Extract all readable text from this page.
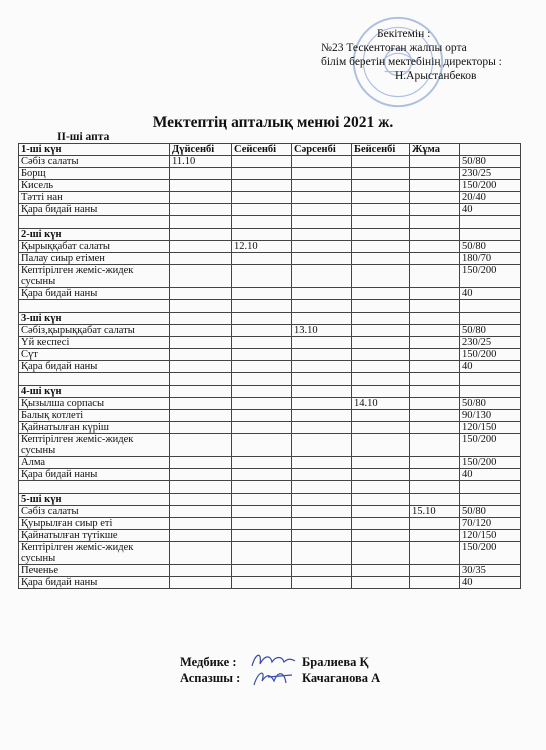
Бекітемін :
№23 Тескентоған жалпы орта
білім беретін мектебінің директоры :
Н.Арыстанбеков
Мектептің апталық менюі 2021 ж.
ІІ-ші апта
1-ші күн	Дүйсенбі	Сейсенбі	Сәрсенбі	Бейсенбі	Жұма	
Сәбіз салаты	11.10					50/80
Борщ						230/25
Кисель						150/200
Тәтті нан						20/40
Қара бидай наны						40

2-ші күн						
Қырыққабат салаты		12.10				50/80
Палау сиыр етімен						180/70
Кептірілген жеміс-жидек сусыны						150/200
Қара бидай наны						40

3-ші күн						
Сәбіз,қырыққабат салаты			13.10			50/80
Үй кеспесі						230/25
Сүт						150/200
Қара бидай наны						40

4-ші күн						
Қызылша сорпасы				14.10		50/80
Балық котлеті						90/130
Қайнатылған күріш						120/150
Кептірілген жеміс-жидек сусыны						150/200
Алма						150/200
Қара бидай наны						40

5-ші күн						
Сәбіз салаты					15.10	50/80
Қуырылған сиыр еті						70/120
Қайнатылған түтікше						120/150
Кептірілген жеміс-жидек сусыны						150/200
Печенье						30/35
Қара бидай наны						40
Медбике :	Бралиева Қ
Аспазшы :	Качаганова А
